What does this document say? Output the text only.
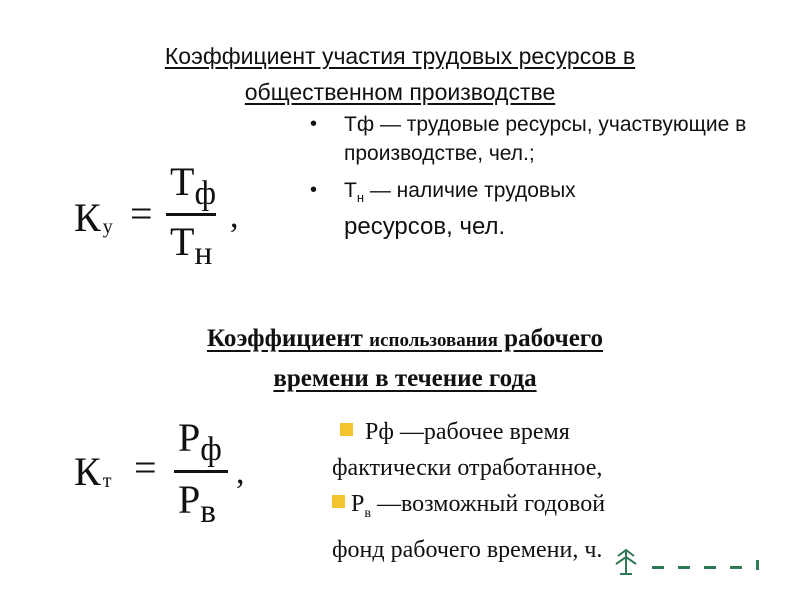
Коэффициент участия трудовых ресурсов в
общественном производстве
К $_у$ =
$Т_ф$
$Т_н$
,
• Тф — трудовые ресурсы, участвующие в производстве, чел.;
• $Т_н$ — наличие трудовых
ресурсов, чел.
Коэффициент использования рабочего
времени в течение года
К $_т$ =
$Р_ф$
$Р_в$
,
Рф —рабочее время
фактически отработанное,
$Р_в$ —возможный годовой
фонд рабочего времени, ч.
